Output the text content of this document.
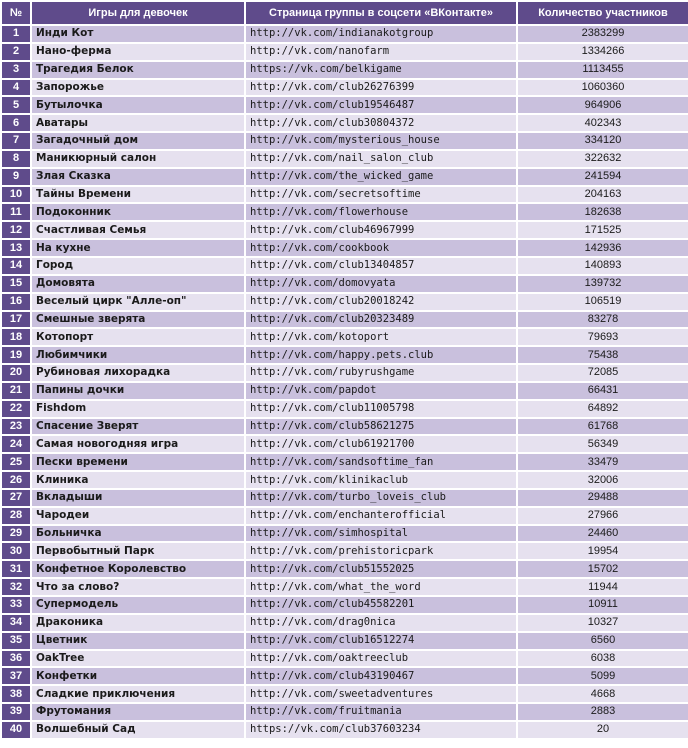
№	Игры для девочек	Страница группы в соцсети «ВКонтакте»	Количество участников
1	Инди Кот	http://vk.com/indianakotgroup	2383299
2	Нано-ферма	http://vk.com/nanofarm	1334266
3	Трагедия Белок	https://vk.com/belkigame	1113455
4	Запорожье	http://vk.com/club26276399	1060360
5	Бутылочка	http://vk.com/club19546487	964906
6	Аватары	http://vk.com/club30804372	402343
7	Загадочный дом	http://vk.com/mysterious_house	334120
8	Маникюрный салон	http://vk.com/nail_salon_club	322632
9	Злая Сказка	http://vk.com/the_wicked_game	241594
10	Тайны Времени	http://vk.com/secretsoftime	204163
11	Подоконник	http://vk.com/flowerhouse	182638
12	Счастливая Семья	http://vk.com/club46967999	171525
13	На кухне	http://vk.com/cookbook	142936
14	Город	http://vk.com/club13404857	140893
15	Домовята	http://vk.com/domovyata	139732
16	Веселый цирк "Алле-оп"	http://vk.com/club20018242	106519
17	Смешные зверята	http://vk.com/club20323489	83278
18	Котопорт	http://vk.com/kotoport	79693
19	Любимчики	http://vk.com/happy.pets.club	75438
20	Рубиновая лихорадка	http://vk.com/rubyrushgame	72085
21	Папины дочки	http://vk.com/papdot	66431
22	Fishdom	http://vk.com/club11005798	64892
23	Спасение Зверят	http://vk.com/club58621275	61768
24	Самая новогодняя игра	http://vk.com/club61921700	56349
25	Пески времени	http://vk.com/sandsoftime_fan	33479
26	Клиника	http://vk.com/klinikaclub	32006
27	Вкладыши	http://vk.com/turbo_loveis_club	29488
28	Чародеи	http://vk.com/enchanterofficial	27966
29	Больничка	http://vk.com/simhospital	24460
30	Первобытный Парк	http://vk.com/prehistoricpark	19954
31	Конфетное Королевство	http://vk.com/club51552025	15702
32	Что за слово?	http://vk.com/what_the_word	11944
33	Супермодель	http://vk.com/club45582201	10911
34	Драконика	http://vk.com/drag0nica	10327
35	Цветник	http://vk.com/club16512274	6560
36	OakTree	http://vk.com/oaktreeclub	6038
37	Конфетки	http://vk.com/club43190467	5099
38	Сладкие приключения	http://vk.com/sweetadventures	4668
39	Фрутомания	http://vk.com/fruitmania	2883
40	Волшебный Сад	https://vk.com/club37603234	20
